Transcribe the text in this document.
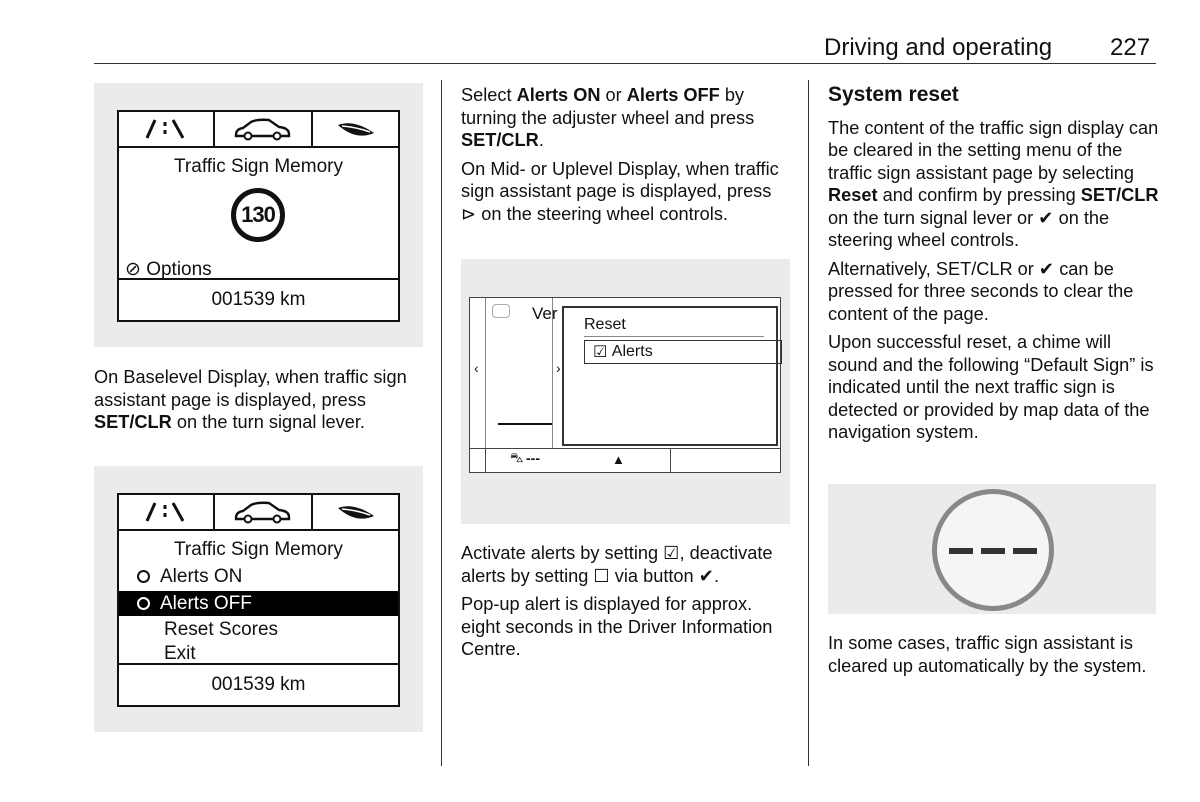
Driving and operating 227
Traffic Sign Memory
130
⊘ Options
001539 km

On Baselevel Display, when traffic sign assistant page is displayed, press SET/CLR on the turn signal lever.

Traffic Sign Memory
Alerts ON
Alerts OFF
Reset Scores
Exit
001539 km

Select Alerts ON or Alerts OFF by turning the adjuster wheel and press SET/CLR.

On Mid- or Uplevel Display, when traffic sign assistant page is displayed, press ⊳ on the steering wheel controls.

Ver
‹	›
Reset
☑ Alerts
⛍ ---	▲

Activate alerts by setting ☑, deactivate alerts by setting ☐ via button ✔.

Pop-up alert is displayed for approx. eight seconds in the Driver Information Centre.

System reset

The content of the traffic sign display can be cleared in the setting menu of the traffic sign assistant page by selecting Reset and confirm by pressing SET/CLR on the turn signal lever or ✔ on the steering wheel controls.

Alternatively, SET/CLR or ✔ can be pressed for three seconds to clear the content of the page.

Upon successful reset, a chime will sound and the following “Default Sign” is indicated until the next traffic sign is detected or provided by map data of the navigation system.

In some cases, traffic sign assistant is cleared up automatically by the system.
